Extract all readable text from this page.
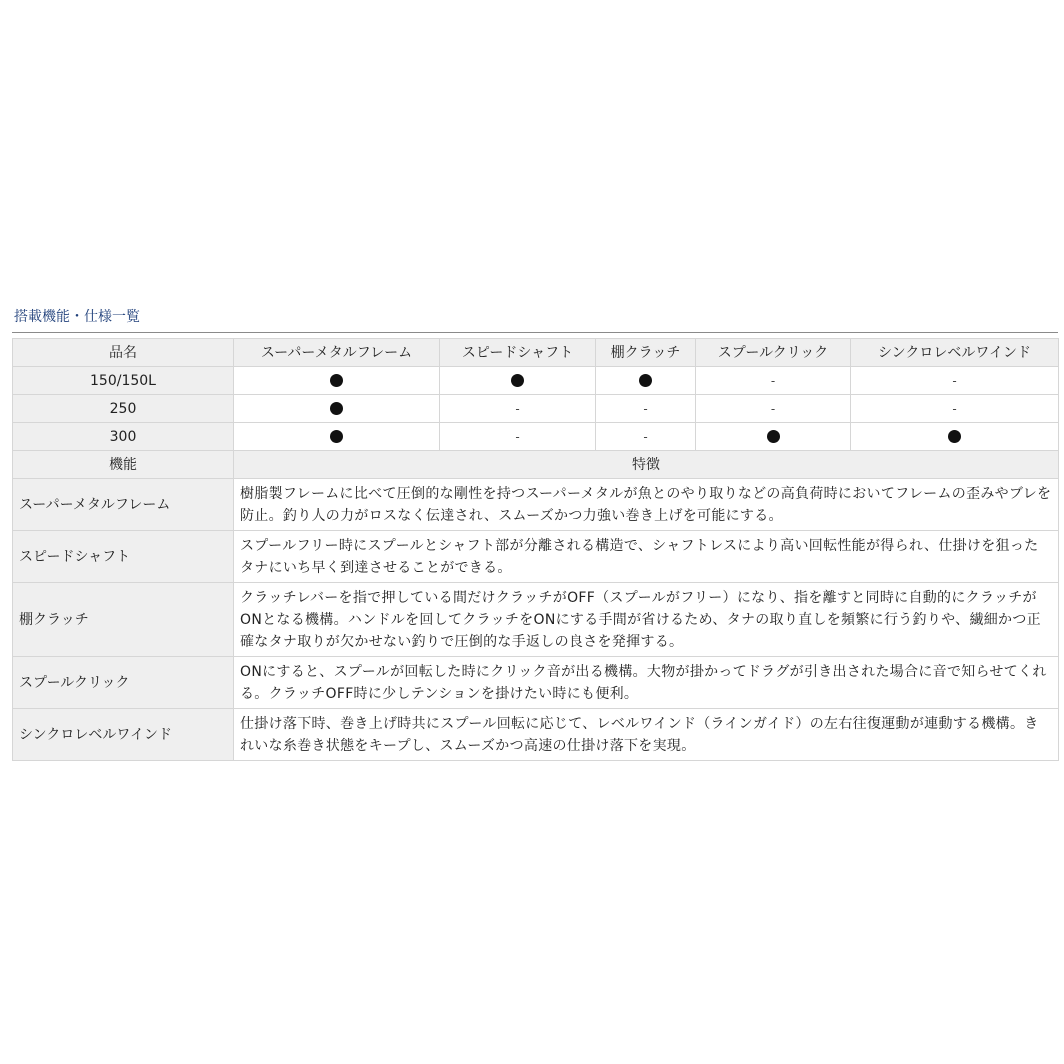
搭載機能・仕様一覧
品名	スーパーメタルフレーム	スピードシャフト	棚クラッチ	スプールクリック	シンクロレベルワインド
150/150L				-	-
250		-	-	-	-
300		-	-		
機能	特徴				
スーパーメタルフレーム	樹脂製フレームに比べて圧倒的な剛性を持つスーパーメタルが魚とのやり取りなどの高負荷時においてフレームの歪みやブレを防止。釣り人の力がロスなく伝達され、スムーズかつ力強い巻き上げを可能にする。				
スピードシャフト	スプールフリー時にスプールとシャフト部が分離される構造で、シャフトレスにより高い回転性能が得られ、仕掛けを狙ったタナにいち早く到達させることができる。				
棚クラッチ	クラッチレバーを指で押している間だけクラッチがOFF（スプールがフリー）になり、指を離すと同時に自動的にクラッチがONとなる機構。ハンドルを回してクラッチをONにする手間が省けるため、タナの取り直しを頻繁に行う釣りや、繊細かつ正確なタナ取りが欠かせない釣りで圧倒的な手返しの良さを発揮する。				
スプールクリック	ONにすると、スプールが回転した時にクリック音が出る機構。大物が掛かってドラグが引き出された場合に音で知らせてくれる。クラッチOFF時に少しテンションを掛けたい時にも便利。				
シンクロレベルワインド	仕掛け落下時、巻き上げ時共にスプール回転に応じて、レベルワインド（ラインガイド）の左右往復運動が連動する機構。きれいな糸巻き状態をキープし、スムーズかつ高速の仕掛け落下を実現。				
